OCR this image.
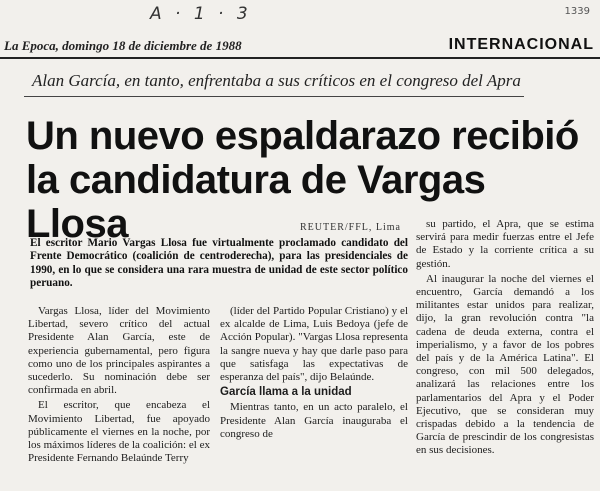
A · 1 · 3	1339
La Epoca, domingo 18 de diciembre de 1988	INTERNACIONAL
Alan García, en tanto, enfrentaba a sus críticos en el congreso del Apra
Un nuevo espaldarazo recibió
la candidatura de Vargas Llosa	REUTER/FFL, Lima
El escritor Mario Vargas Llosa fue virtualmente proclamado candidato del Frente Democrático (coalición de centroderecha), para las presidenciales de 1990, en lo que se considera una rara muestra de unidad de este sector político peruano.

Vargas Llosa, líder del Movimiento Libertad, severo crítico del actual Presidente Alan García, este de experiencia gubernamental, pero figura como uno de los principales aspirantes a sucederlo. Su nominación debe ser confirmada en abril.

El escritor, que encabeza el Movimiento Libertad, fue apoyado públicamente el viernes en la noche, por los máximos líderes de la coalición: el ex Presidente Fernando Belaúnde Terry

(líder del Partido Popular Cristiano) y el ex alcalde de Lima, Luis Bedoya (jefe de Acción Popular). "Vargas Llosa representa la sangre nueva y hay que darle paso para que satisfaga las expectativas de esperanza del país", dijo Belaúnde.

García llama a la unidad

Mientras tanto, en un acto paralelo, el Presidente Alan García inauguraba el congreso de

su partido, el Apra, que se estima servirá para medir fuerzas entre el Jefe de Estado y la corriente crítica a su gestión.

Al inaugurar la noche del viernes el encuentro, García demandó a los militantes estar unidos para realizar, dijo, la gran revolución contra "la cadena de deuda externa, contra el imperialismo, y a favor de los pobres del país y de la América Latina". El congreso, con mil 500 delegados, analizará las relaciones entre los parlamentarios del Apra y el Poder Ejecutivo, que se consideran muy crispadas debido a la tendencia de García de prescindir de los congresistas en sus decisiones.
